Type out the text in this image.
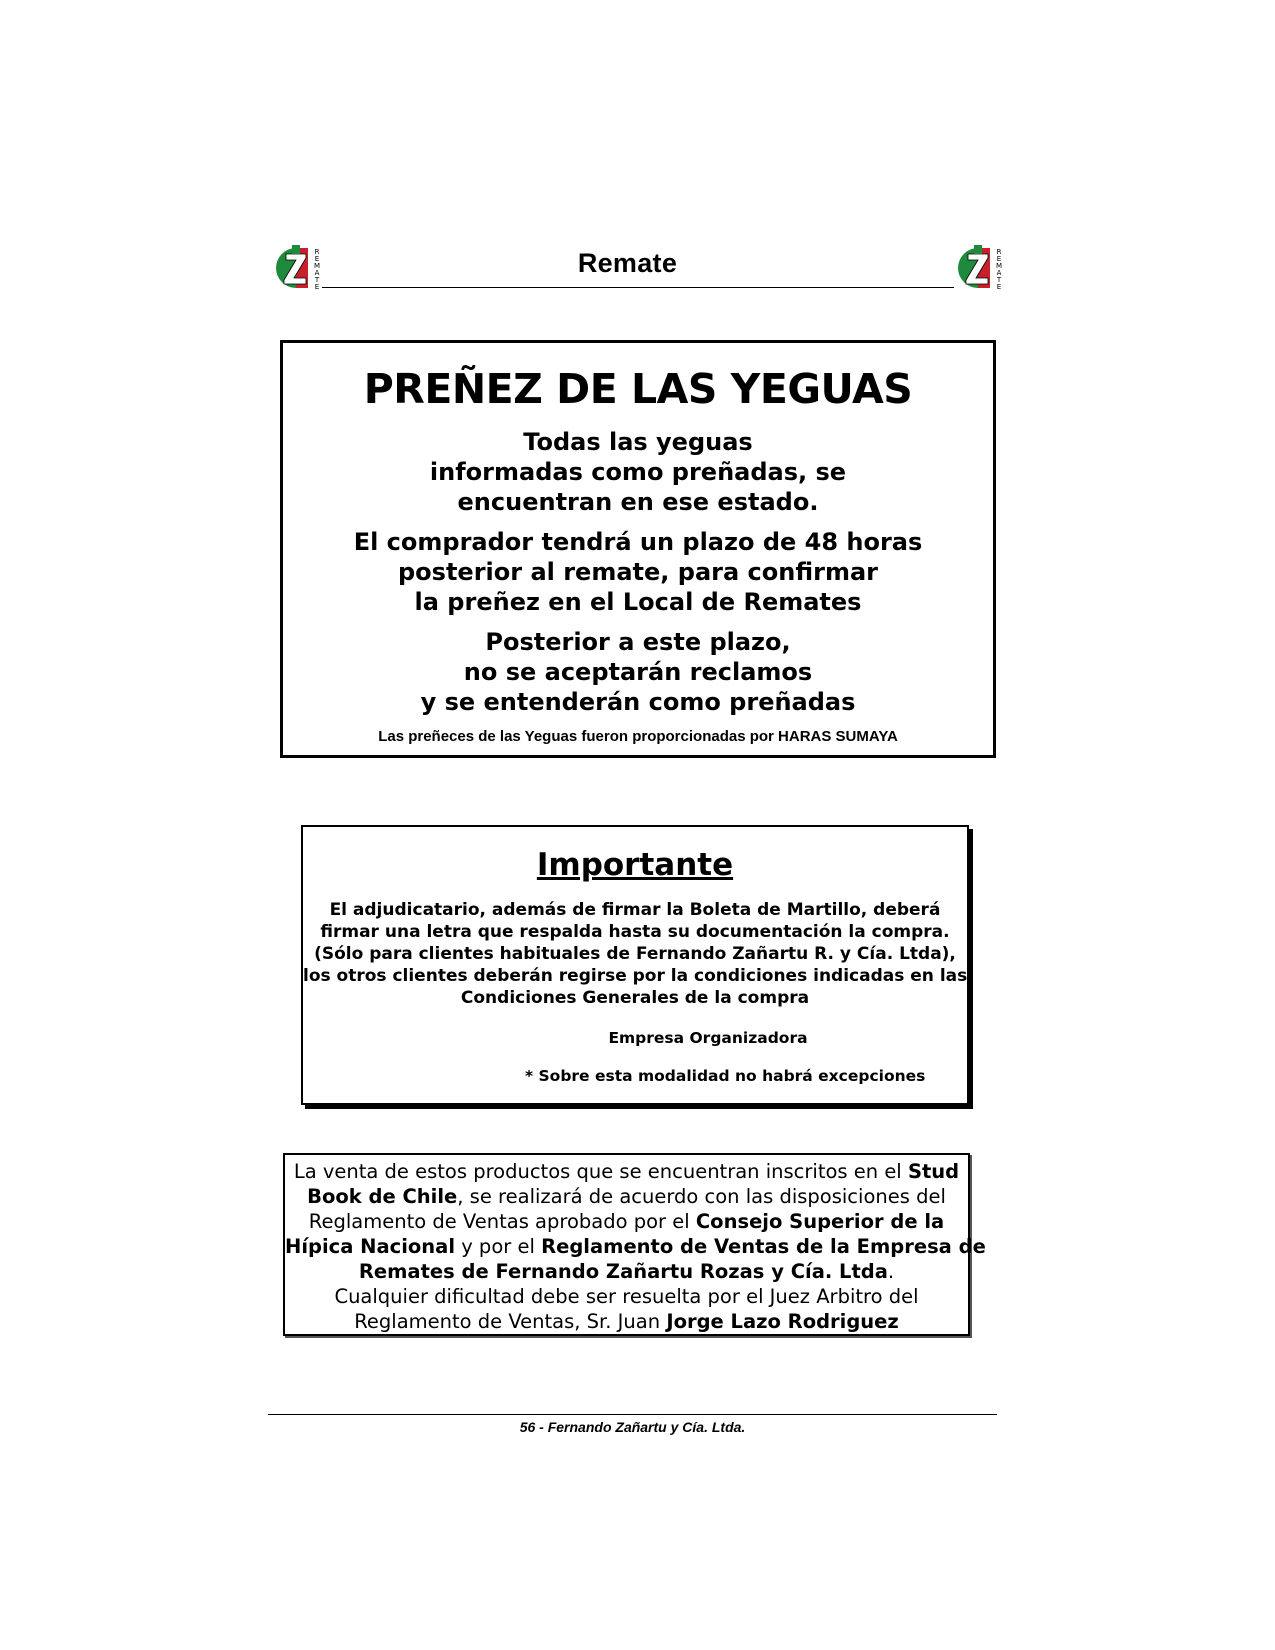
R
E
M
A
T
E
Remate	R
E
M
A
T
E
PREÑEZ DE LAS YEGUAS
Todas las yeguas
informadas como preñadas, se
encuentran en ese estado.
El comprador tendrá un plazo de 48 horas
posterior al remate, para confirmar
la preñez en el Local de Remates
Posterior a este plazo,
no se aceptarán reclamos
y se entenderán como preñadas
Las preñeces de las Yeguas fueron proporcionadas por HARAS SUMAYA
Importante
El adjudicatario, además de firmar la Boleta de Martillo, deberá
firmar una letra que respalda hasta su documentación la compra.
(Sólo para clientes habituales de Fernando Zañartu R. y Cía. Ltda),
los otros clientes deberán regirse por la condiciones indicadas en las
Condiciones Generales de la compra
Empresa Organizadora
* Sobre esta modalidad no habrá excepciones
La venta de estos productos que se encuentran inscritos en el Stud
Book de Chile, se realizará de acuerdo con las disposiciones del
Reglamento de Ventas aprobado por el Consejo Superior de la
Hípica Nacional y por el Reglamento de Ventas de la Empresa de
Remates de Fernando Zañartu Rozas y Cía. Ltda.
Cualquier dificultad debe ser resuelta por el Juez Arbitro del
Reglamento de Ventas, Sr. Juan Jorge Lazo Rodriguez
56 - Fernando Zañartu y Cía. Ltda.
